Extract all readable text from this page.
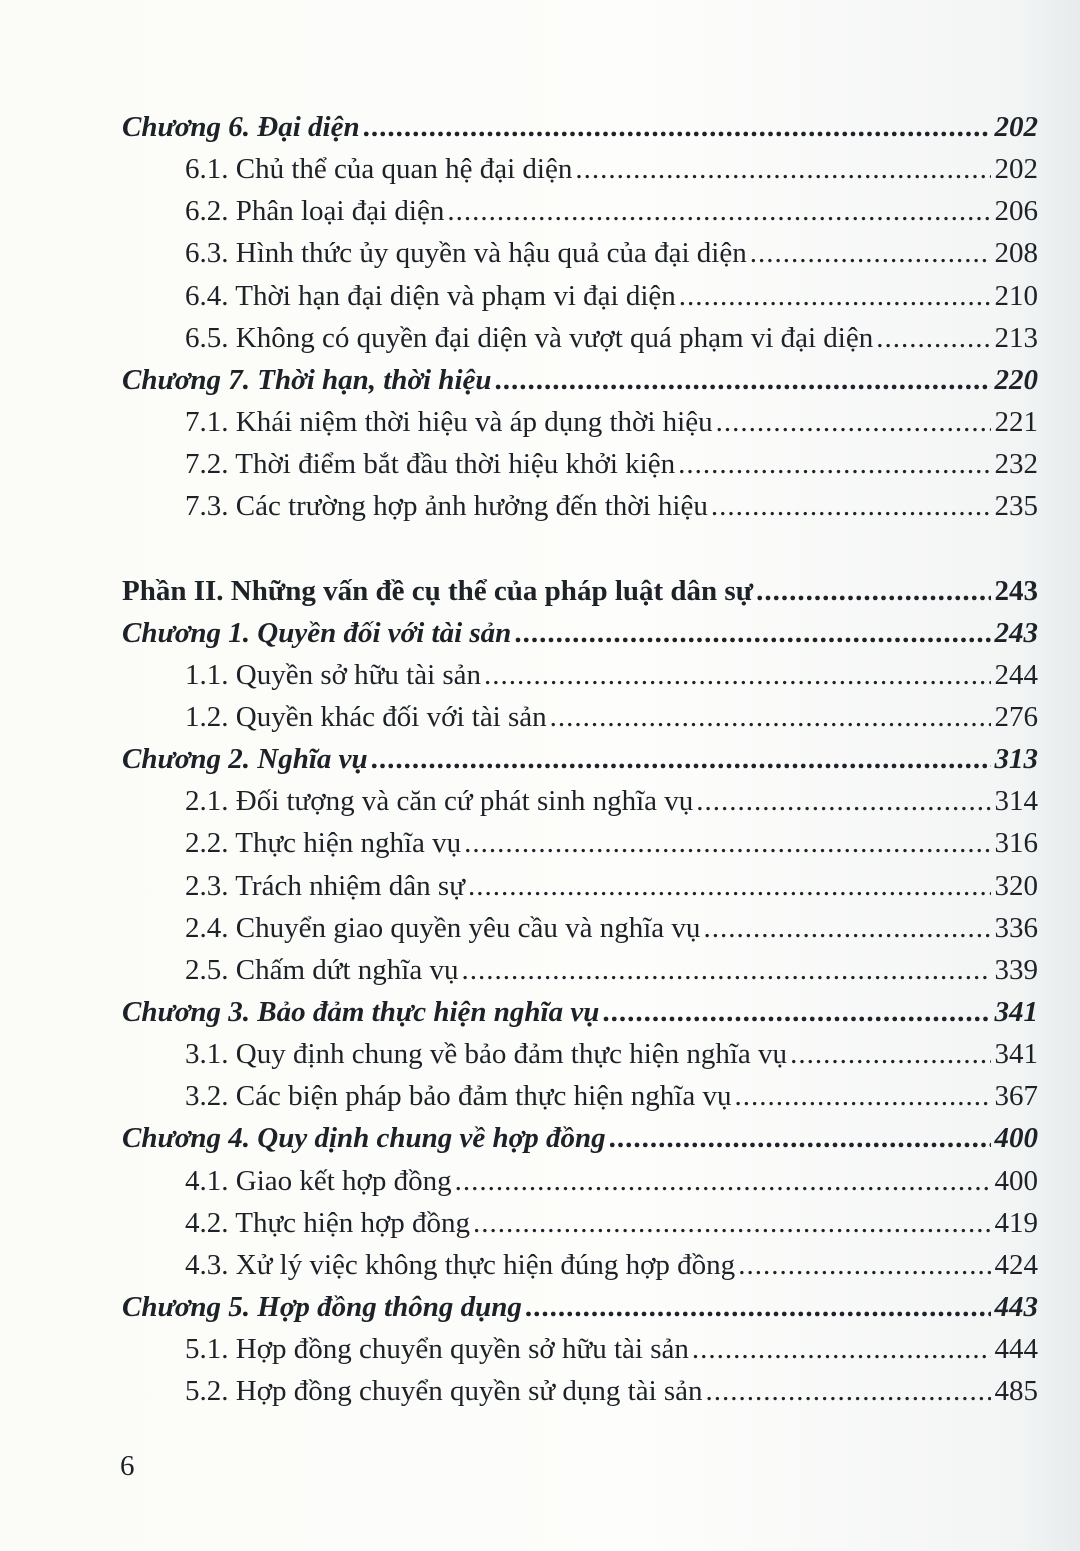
Chương 6. Đại diện .....	202
6.1. Chủ thể của quan hệ đại diện .....	202
6.2. Phân loại đại diện .....	206
6.3. Hình thức ủy quyền và hậu quả của đại diện .....	208
6.4. Thời hạn đại diện và phạm vi đại diện .....	210
6.5. Không có quyền đại diện và vượt quá phạm vi đại diện .....	213
Chương 7. Thời hạn, thời hiệu .....	220
7.1. Khái niệm thời hiệu và áp dụng thời hiệu .....	221
7.2. Thời điểm bắt đầu thời hiệu khởi kiện .....	232
7.3. Các trường hợp ảnh hưởng đến thời hiệu .....	235
Phần II. Những vấn đề cụ thể của pháp luật dân sự .....	243
Chương 1. Quyền đối với tài sản .....	243
1.1. Quyền sở hữu tài sản .....	244
1.2. Quyền khác đối với tài sản .....	276
Chương 2. Nghĩa vụ .....	313
2.1. Đối tượng và căn cứ phát sinh nghĩa vụ .....	314
2.2. Thực hiện nghĩa vụ .....	316
2.3. Trách nhiệm dân sự .....	320
2.4. Chuyển giao quyền yêu cầu và nghĩa vụ .....	336
2.5. Chấm dứt nghĩa vụ .....	339
Chương 3. Bảo đảm thực hiện nghĩa vụ .....	341
3.1. Quy định chung về bảo đảm thực hiện nghĩa vụ .....	341
3.2. Các biện pháp bảo đảm thực hiện nghĩa vụ .....	367
Chương 4. Quy dịnh chung về hợp đồng .....	400
4.1. Giao kết hợp đồng .....	400
4.2. Thực hiện hợp đồng .....	419
4.3. Xử lý việc không thực hiện đúng hợp đồng .....	424
Chương 5. Hợp đồng thông dụng .....	443
5.1. Hợp đồng chuyển quyền sở hữu tài sản .....	444
5.2. Hợp đồng chuyển quyền sử dụng tài sản .....	485
6
